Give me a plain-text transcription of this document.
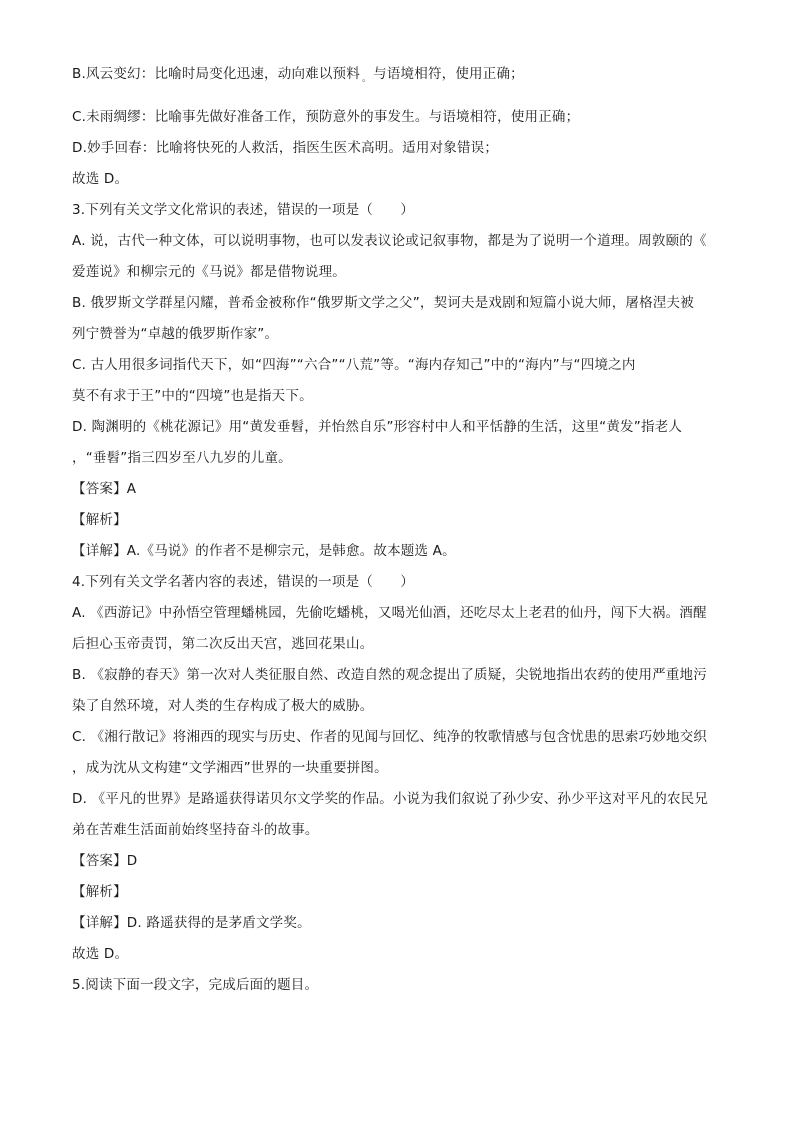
B.风云变幻：比喻时局变化迅速，动向难以预料 $_。$ 与语境相符，使用正确；

C.未雨绸缪：比喻事先做好准备工作，预防意外的事发生。与语境相符，使用正确；

D.妙手回春：比喻将快死的人救活，指医生医术高明。适用对象错误；

故选 D。

3.下列有关文学文化常识的表述，错误的一项是（　　）

A. 说，古代一种文体，可以说明事物，也可以发表议论或记叙事物，都是为了说明一个道理。周敦颐的《

爱莲说》和柳宗元的《马说》都是借物说理。

B. 俄罗斯文学群星闪耀，普希金被称作“俄罗斯文学之父”，契诃夫是戏剧和短篇小说大师，屠格涅夫被

列宁赞誉为“卓越的俄罗斯作家”。

C. 古人用很多词指代天下，如“四海”“六合”“八荒”等。“海内存知己”中的“海内”与“四境之内

莫不有求于王”中的“四境”也是指天下。

D. 陶渊明的《桃花源记》用“黄发垂髫，并怡然自乐”形容村中人和平恬静的生活，这里“黄发”指老人

，“垂髫”指三四岁至八九岁的儿童。

【答案】A

【解析】

【详解】A.《马说》的作者不是柳宗元，是韩愈。故本题选 A。

4.下列有关文学名著内容的表述，错误的一项是（　　）

A. 《西游记》中孙悟空管理蟠桃园，先偷吃蟠桃，又喝光仙酒，还吃尽太上老君的仙丹，闯下大祸。酒醒

后担心玉帝责罚，第二次反出天宫，逃回花果山。

B. 《寂静的春天》第一次对人类征服自然、改造自然的观念提出了质疑，尖锐地指出农药的使用严重地污

染了自然环境，对人类的生存构成了极大的威胁。

C. 《湘行散记》将湘西的现实与历史、作者的见闻与回忆、纯净的牧歌情感与包含忧患的思索巧妙地交织

，成为沈从文构建“文学湘西”世界的一块重要拼图。

D. 《平凡的世界》是路遥获得诺贝尔文学奖的作品。小说为我们叙说了孙少安、孙少平这对平凡的农民兄

弟在苦难生活面前始终坚持奋斗的故事。

【答案】D

【解析】

【详解】D. 路遥获得的是茅盾文学奖。

故选 D。

5.阅读下面一段文字，完成后面的题目。
